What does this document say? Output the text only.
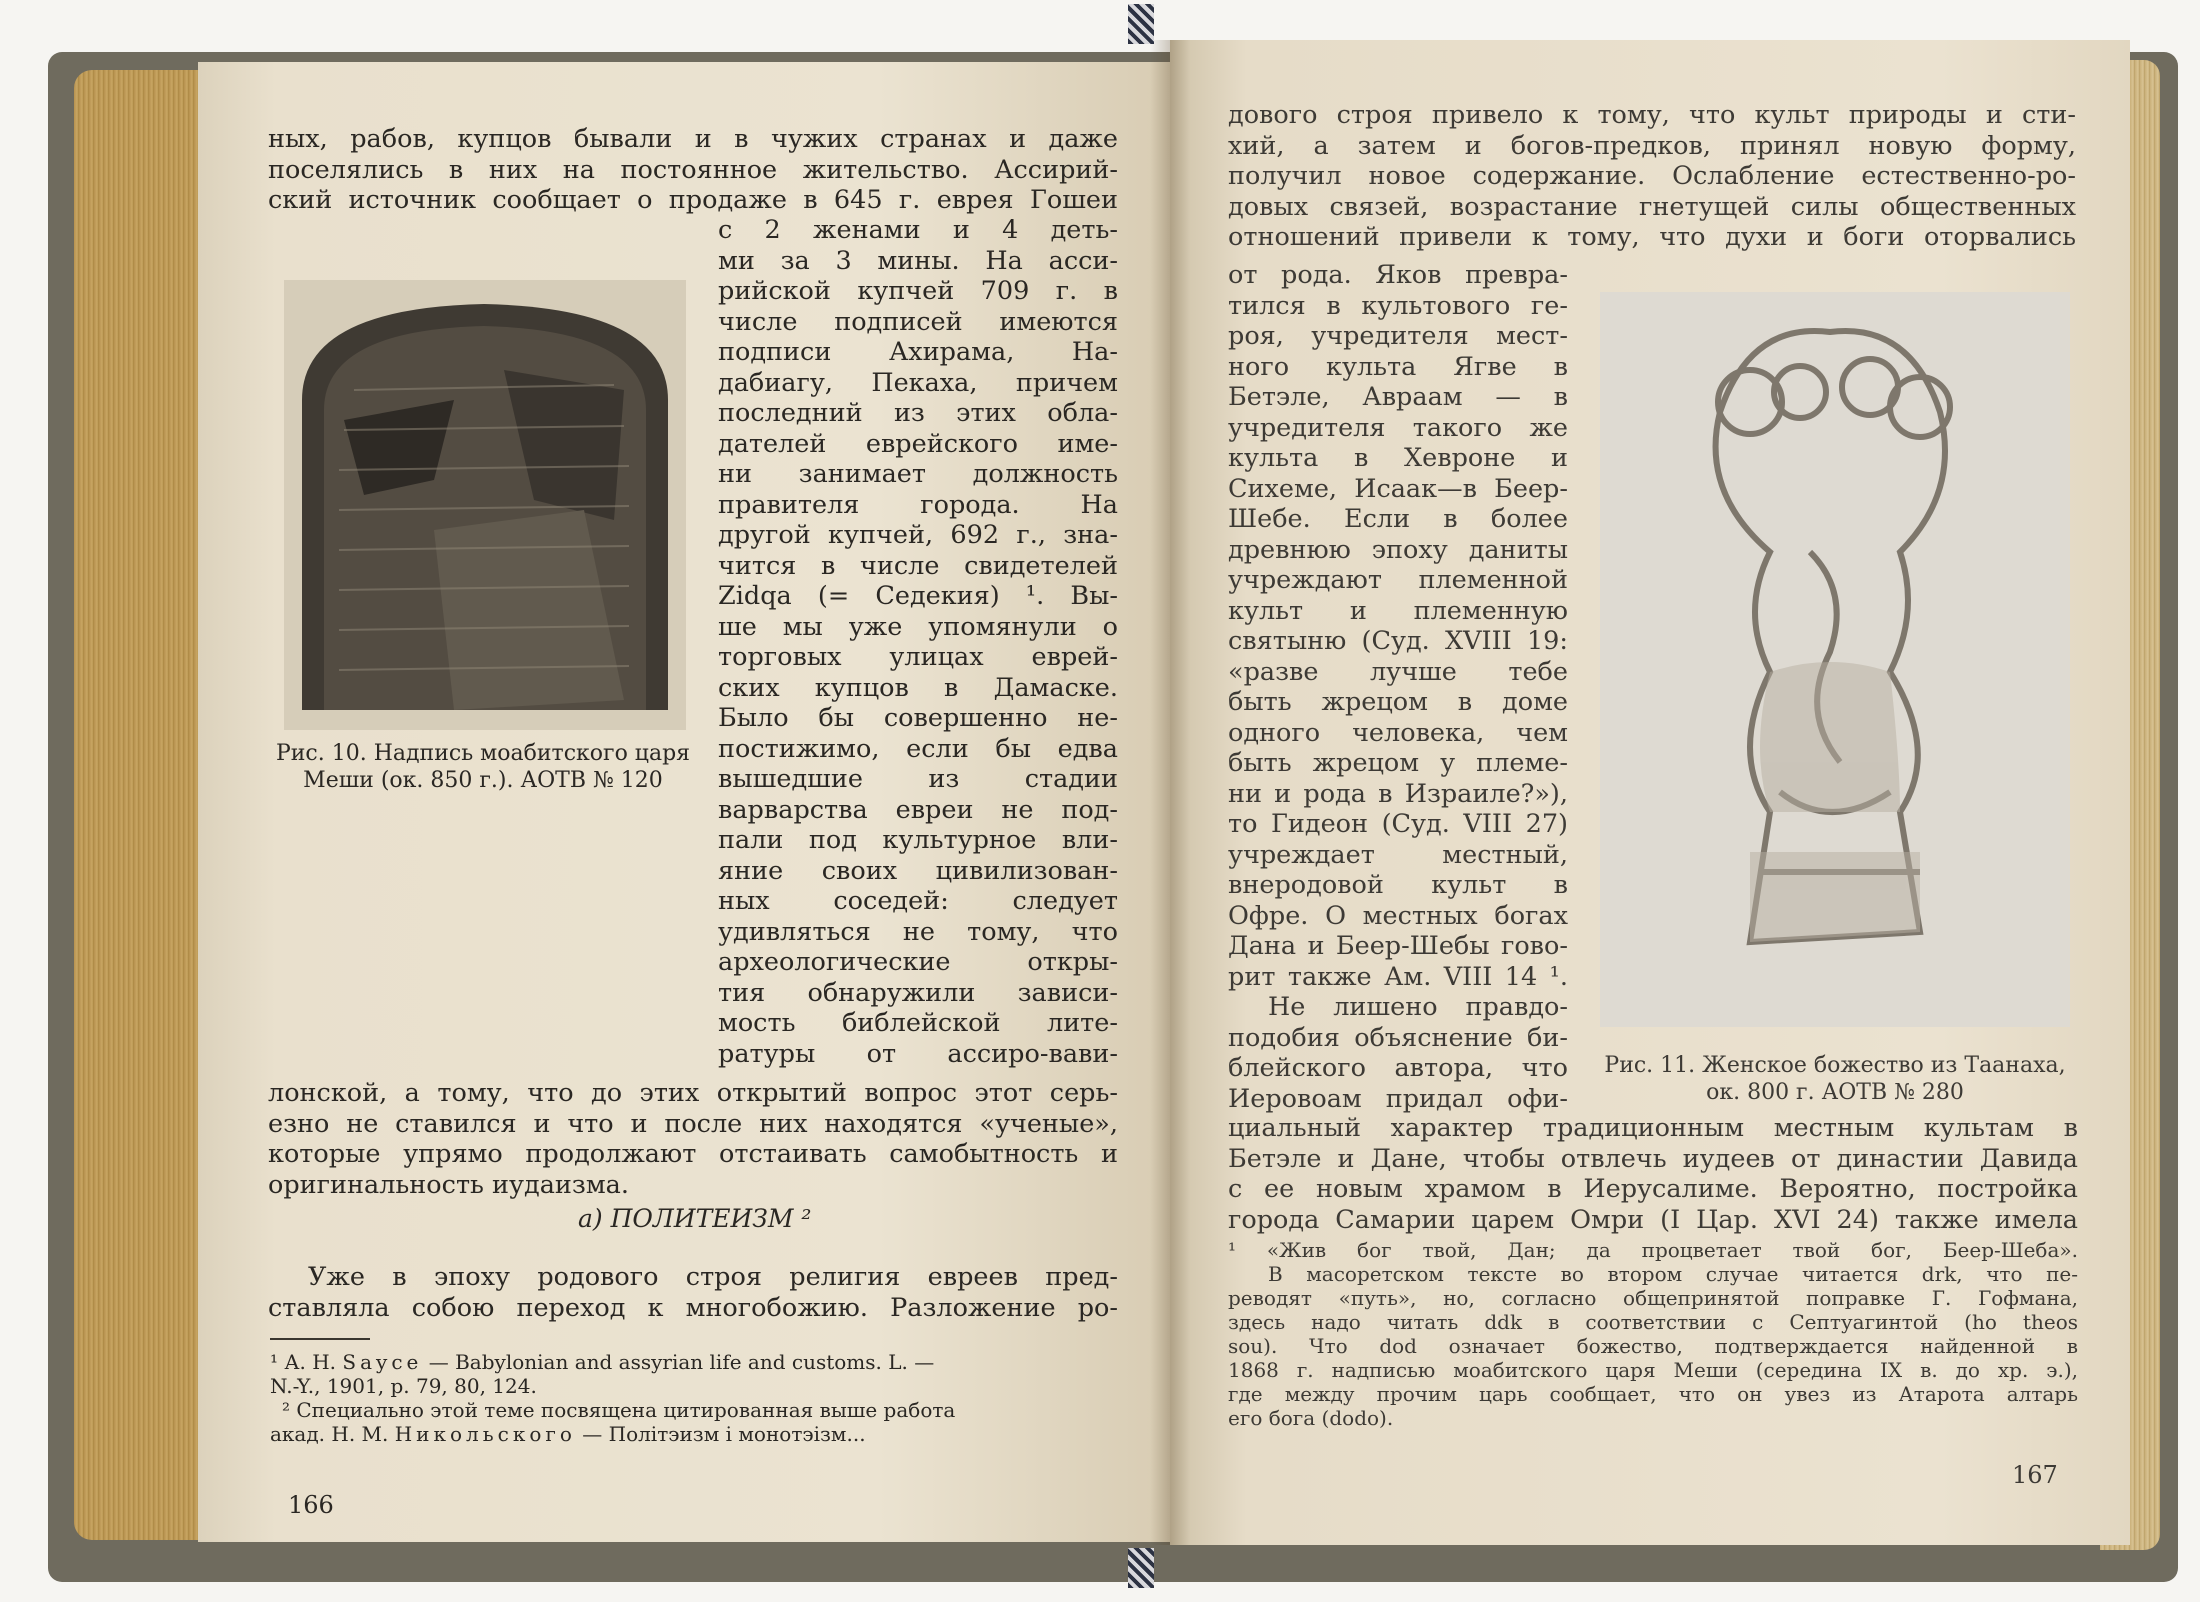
ных, рабов, купцов бывали и в чужих странах и даже

поселялись в них на постоянное жительство. Ассирий-

ский источник сообщает о продаже в 645 г. еврея Гошеи

с 2 женами и 4 деть-

ми за 3 мины. На асси-

рийской купчей 709 г. в

числе подписей имеются

подписи Ахирама, На-

дабиагу, Пекаха, причем

последний из этих обла-

дателей еврейского име-

ни занимает должность

правителя города. На

другой купчей, 692 г., зна-

чится в числе свидетелей

Zidqa (= Седекия) ¹. Вы-

ше мы уже упомянули о

торговых улицах еврей-

ских купцов в Дамаске.

Было бы совершенно не-

постижимо, если бы едва

вышедшие из стадии

варварства евреи не под-

пали под культурное вли-

яние своих цивилизован-

ных соседей: следует

удивляться не тому, что

археологические откры-

тия обнаружили зависи-

мость библейской лите-

ратуры от ассиро-вави-

Рис. 10. Надпись моабитского царя
Меши (ок. 850 г.). АОТВ № 120

лонской, а тому, что до этих открытий вопрос этот серь-

езно не ставился и что и после них находятся «ученые»,

которые упрямо продолжают отстаивать самобытность и

оригинальность иудаизма.

а) ПОЛИТЕИЗМ ²

Уже в эпоху родового строя религия евреев пред-

ставляла собою переход к многобожию. Разложение ро-

¹ А. Н. Sayce — Babylonian and assyrian life and customs. L. —

N.-Y., 1901, p. 79, 80, 124.

² Специально этой теме посвящена цитированная выше работа

акад. Н. М. Никольского — Політэизм і монотэізм...

166

дового строя привело к тому, что культ природы и сти-

хий, а затем и богов-предков, принял новую форму,

получил новое содержание. Ослабление естественно-ро-

довых связей, возрастание гнетущей силы общественных

отношений привели к тому, что духи и боги оторвались

от рода. Яков превра-

тился в культового ге-

роя, учредителя мест-

ного культа Ягве в

Бетэле, Авраам — в

учредителя такого же

культа в Хевроне и

Сихеме, Исаак—в Беер-

Шебе. Если в более

древнюю эпоху даниты

учреждают племенной

культ и племенную

святыню (Суд. XVIII 19:

«разве лучше тебе

быть жрецом в доме

одного человека, чем

быть жрецом у племе-

ни и рода в Израиле?»),

то Гидеон (Суд. VIII 27)

учреждает местный,

внеродовой культ в

Офре. О местных богах

Дана и Беер-Шебы гово-

рит также Ам. VIII 14 ¹.

Не лишено правдо-

подобия объяснение би-

блейского автора, что

Иеровоам придал офи-

Рис. 11. Женское божество из Таанаха,
ок. 800 г. АОТВ № 280

циальный характер традиционным местным культам в

Бетэле и Дане, чтобы отвлечь иудеев от династии Давида

с ее новым храмом в Иерусалиме. Вероятно, постройка

города Самарии царем Омри (I Цар. XVI 24) также имела

¹ «Жив бог твой, Дан; да процветает твой бог, Беер-Шеба».

В масоретском тексте во втором случае читается drk, что пе-

реводят «путь», но, согласно общепринятой поправке Г. Гофмана,

здесь надо читать ddk в соответствии с Септуагинтой (ho theos

sou). Что dod означает божество, подтверждается найденной в

1868 г. надписью моабитского царя Меши (середина IX в. до хр. э.),

где между прочим царь сообщает, что он увез из Атарота алтарь

его бога (dodo).

167
